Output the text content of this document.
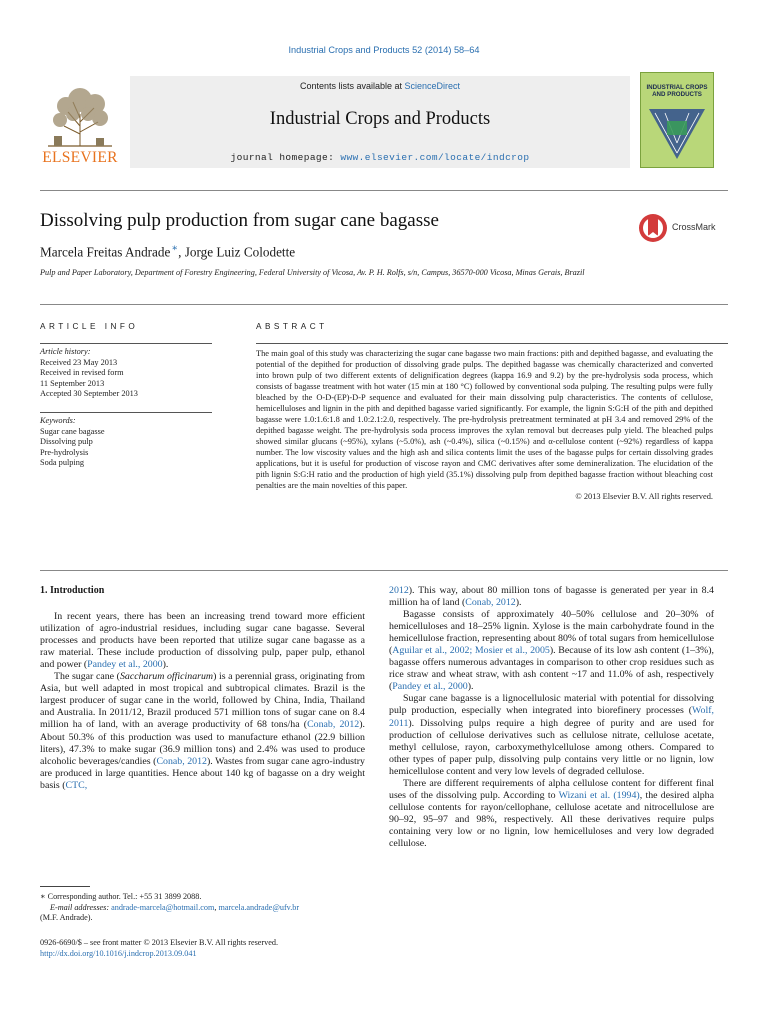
Industrial Crops and Products 52 (2014) 58–64
ELSEVIER
Contents lists available at ScienceDirect
Industrial Crops and Products
journal homepage: www.elsevier.com/locate/indcrop
INDUSTRIAL CROPS AND PRODUCTS
Dissolving pulp production from sugar cane bagasse	CrossMark
Marcela Freitas Andrade∗, Jorge Luiz Colodette
Pulp and Paper Laboratory, Department of Forestry Engineering, Federal University of Vicosa, Av. P. H. Rolfs, s/n, Campus, 36570-000 Vicosa, Minas Gerais, Brazil
ARTICLE INFO	ABSTRACT
Article history:
Received 23 May 2013
Received in revised form
11 September 2013
Accepted 30 September 2013
Keywords:
Sugar cane bagasse
Dissolving pulp
Pre-hydrolysis
Soda pulping
The main goal of this study was characterizing the sugar cane bagasse two main fractions: pith and depithed bagasse, and evaluating the potential of the depithed for production of dissolving grade pulps. The depithed bagasse was chemically characterized and converted into brown pulp of two different extents of delignification degrees (kappa 16.9 and 9.2) by the pre-hydrolysis soda process, which consists of bagasse treatment with hot water (15 min at 180 °C) followed by conventional soda pulping. The resulting pulps were fully bleached by the O-D-(EP)-D-P sequence and evaluated for their main dissolving pulp characteristics. The contents of cellulose, hemicelluloses and lignin in the pith and depithed bagasse varied significantly. For example, the lignin S:G:H of the pith and depithed bagasse were 1.0:1.6:1.8 and 1.0:2.1:2.0, respectively. The pre-hydrolysis pretreatment terminated at pH 3.4 and removed 29% of the depithed bagasse weight. The pre-hydrolysis soda process improves the xylan removal but decreases pulp yield. The bleached pulps showed similar glucans (~95%), xylans (~5.0%), ash (~0.4%), silica (~0.15%) and α-cellulose content (~92%) regardless of kappa number. The low viscosity values and the high ash and silica contents limit the uses of the bagasse pulps for certain dissolving grades applications, but it is useful for production of viscose rayon and CMC derivatives after some demineralization. The elucidation of the pith lignin S:G:H ratio and the production of high yield (35.1%) dissolving pulp from depithed bagasse fraction without bleaching cost penalties are the main novelties of this paper.
© 2013 Elsevier B.V. All rights reserved.
1. Introduction

In recent years, there has been an increasing trend toward more efficient utilization of agro-industrial residues, including sugar cane bagasse. Several processes and products have been reported that utilize sugar cane bagasse as a raw material. These include production of dissolving pulp, paper pulp, ethanol and power (Pandey et al., 2000).

The sugar cane (Saccharum officinarum) is a perennial grass, originating from Asia, but well adapted in most tropical and subtropical climates. Brazil is the largest producer of sugar cane in the world, followed by China, India, Thailand and Australia. In 2011/12, Brazil produced 571 million tons of sugar cane on 8.4 million ha of land, with an average productivity of 68 tons/ha (Conab, 2012). About 50.3% of this production was used to manufacture ethanol (22.9 billion liters), 47.3% to make sugar (36.9 million tons) and 2.4% was used to produce alcoholic beverages/candies (Conab, 2012). Wastes from sugar cane agro-industry are produced in large quantities. Hence about 140 kg of bagasse on a dry weight basis (CTC,

2012). This way, about 80 million tons of bagasse is generated per year in 8.4 million ha of land (Conab, 2012).

Bagasse consists of approximately 40–50% cellulose and 20–30% of hemicelluloses and 18–25% lignin. Xylose is the main carbohydrate found in the hemicellulose fraction, representing about 80% of total sugars from hemicellulose (Aguilar et al., 2002; Mosier et al., 2005). Because of its low ash content (1–3%), bagasse offers numerous advantages in comparison to other crop residues such as rice straw and wheat straw, with ash content ~17 and 11.0% of ash, respectively (Pandey et al., 2000).

Sugar cane bagasse is a lignocellulosic material with potential for dissolving pulp production, especially when integrated into biorefinery processes (Wolf, 2011). Dissolving pulps require a high degree of purity and are used for production of cellulose derivatives such as cellulose nitrate, cellulose acetate, methyl cellulose, rayon, carboxymethylcellulose among others. Compared to other types of paper pulp, dissolving pulp contains very little or no lignin, low hemicellulose content and very low levels of degraded cellulose.

There are different requirements of alpha cellulose content for different final uses of the dissolving pulp. According to Wizani et al. (1994), the desired alpha cellulose contents for rayon/cellophane, cellulose acetate and nitrocellulose are 90–92, 95–97 and 98%, respectively. All these derivatives require pulps containing very low or no lignin, low hemicelluloses and very low degraded cellulose.

∗ Corresponding author. Tel.: +55 31 3899 2088.
E-mail addresses: andrade-marcela@hotmail.com, marcela.andrade@ufv.br
(M.F. Andrade).
0926-6690/$ – see front matter © 2013 Elsevier B.V. All rights reserved.
http://dx.doi.org/10.1016/j.indcrop.2013.09.041
